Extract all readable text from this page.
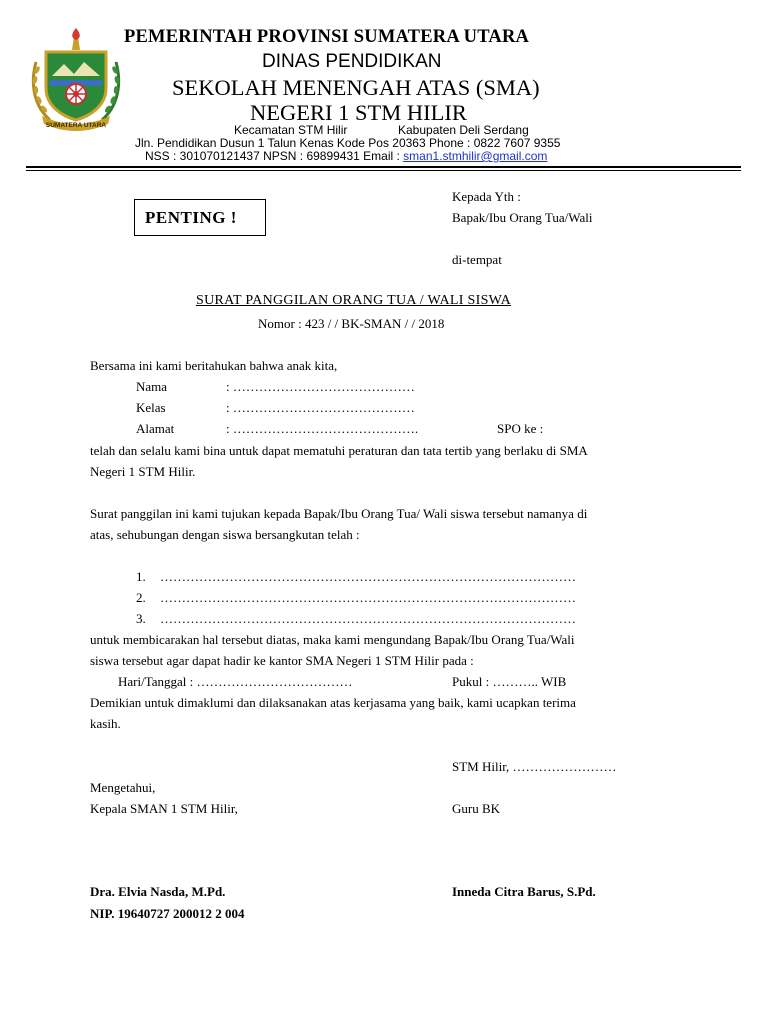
SUMATERA UTARA
PEMERINTAH PROVINSI SUMATERA UTARA
DINAS PENDIDIKAN
SEKOLAH MENENGAH ATAS (SMA)
NEGERI 1 STM HILIR
Kecamatan STM Hilir	Kabupaten Deli Serdang
Jln. Pendidikan Dusun 1 Talun Kenas Kode Pos 20363 Phone : 0822 7607 9355
NSS : 301070121437 NPSN : 69899431 Email : sman1.stmhilir@gmail.com
PENTING !
Kepada Yth :
Bapak/Ibu Orang Tua/Wali
di-tempat
SURAT PANGGILAN ORANG TUA / WALI SISWA
Nomor : 423 / / BK-SMAN / / 2018
Bersama ini kami beritahukan bahwa anak kita,
Nama	: ……………………………………
Kelas	: ……………………………………
Alamat	: …………………………………….	SPO ke :
telah dan selalu kami bina untuk dapat mematuhi peraturan dan tata tertib yang berlaku di SMA
Negeri 1 STM Hilir.
Surat panggilan ini kami tujukan kepada Bapak/Ibu Orang Tua/ Wali siswa tersebut namanya di
atas, sehubungan dengan siswa bersangkutan telah :
1. ……………………………………………………………………………………
2. ……………………………………………………………………………………
3. ……………………………………………………………………………………
untuk membicarakan hal tersebut diatas, maka kami mengundang Bapak/Ibu Orang Tua/Wali
siswa tersebut agar dapat hadir ke kantor SMA Negeri 1 STM Hilir pada :
Hari/Tanggal : ………………………………	Pukul : ……….. WIB
Demikian untuk dimaklumi dan dilaksanakan atas kerjasama yang baik, kami ucapkan terima
kasih.
STM Hilir, ……………………
Mengetahui,
Kepala SMAN 1 STM Hilir,	Guru BK
Dra. Elvia Nasda, M.Pd.	Inneda Citra Barus, S.Pd.
NIP. 19640727 200012 2 004
